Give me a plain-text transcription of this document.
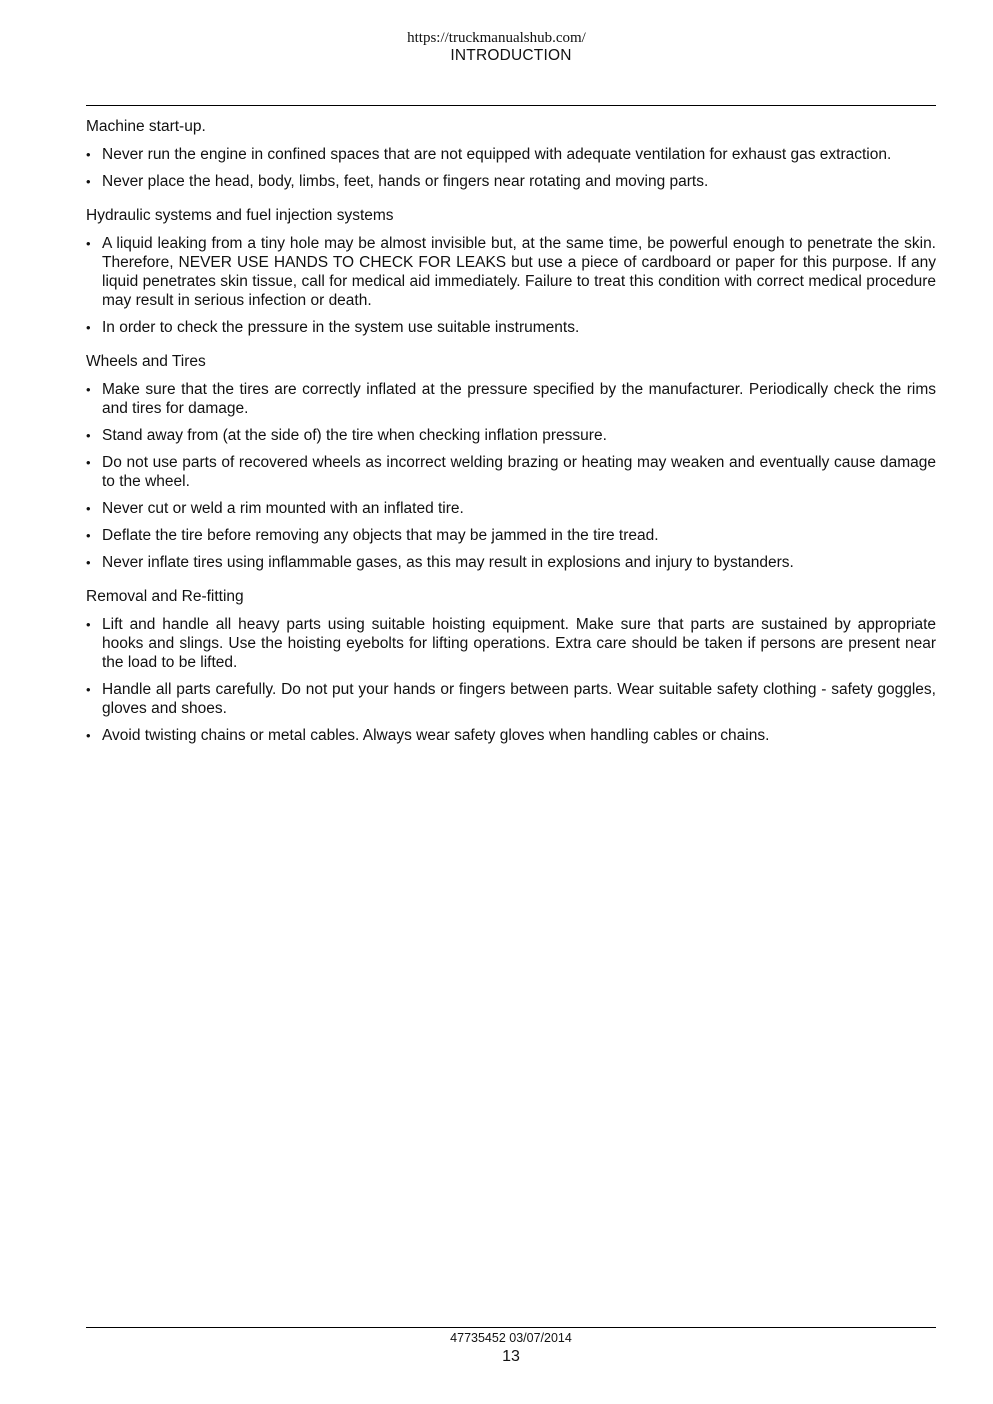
https://truckmanualshub.com/
INTRODUCTION
Machine start-up.
• Never run the engine in confined spaces that are not equipped with adequate ventilation for exhaust gas extraction.
• Never place the head, body, limbs, feet, hands or fingers near rotating and moving parts.
Hydraulic systems and fuel injection systems
• A liquid leaking from a tiny hole may be almost invisible but, at the same time, be powerful enough to penetrate the skin. Therefore, NEVER USE HANDS TO CHECK FOR LEAKS but use a piece of cardboard or paper for this purpose. If any liquid penetrates skin tissue, call for medical aid immediately. Failure to treat this condition with correct medical procedure may result in serious infection or death.
• In order to check the pressure in the system use suitable instruments.
Wheels and Tires
• Make sure that the tires are correctly inflated at the pressure specified by the manufacturer. Periodically check the rims and tires for damage.
• Stand away from (at the side of) the tire when checking inflation pressure.
• Do not use parts of recovered wheels as incorrect welding brazing or heating may weaken and eventually cause damage to the wheel.
• Never cut or weld a rim mounted with an inflated tire.
• Deflate the tire before removing any objects that may be jammed in the tire tread.
• Never inflate tires using inflammable gases, as this may result in explosions and injury to bystanders.
Removal and Re-fitting
• Lift and handle all heavy parts using suitable hoisting equipment. Make sure that parts are sustained by appropriate hooks and slings. Use the hoisting eyebolts for lifting operations. Extra care should be taken if persons are present near the load to be lifted.
• Handle all parts carefully. Do not put your hands or fingers between parts. Wear suitable safety clothing - safety goggles, gloves and shoes.
• Avoid twisting chains or metal cables. Always wear safety gloves when handling cables or chains.
47735452 03/07/2014
13
